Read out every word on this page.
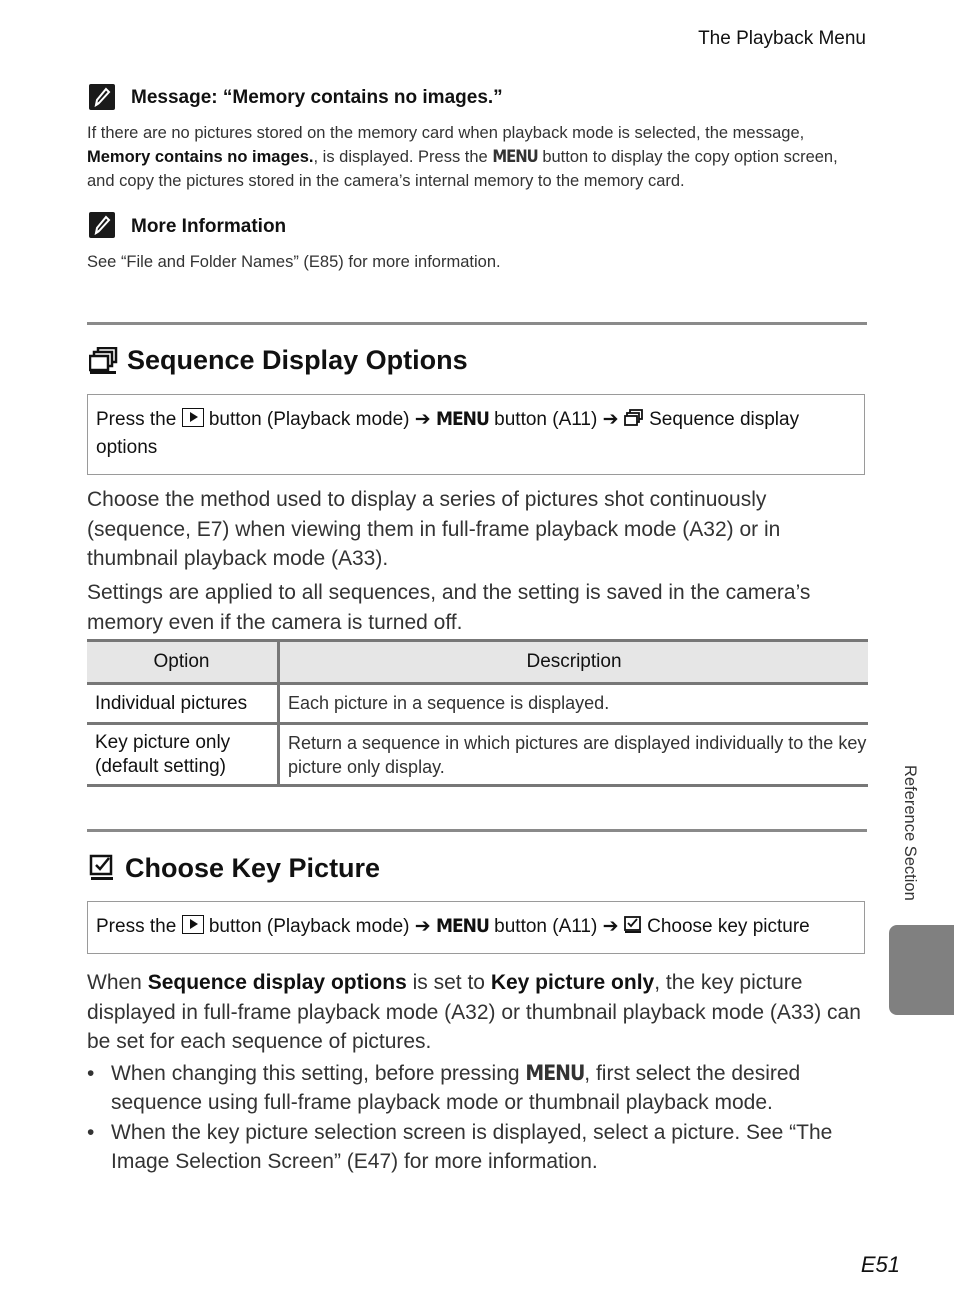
The Playback Menu
Message: “Memory contains no images.”
If there are no pictures stored on the memory card when playback mode is selected, the message, Memory contains no images., is displayed. Press the MENU button to display the copy option screen, and copy the pictures stored in the camera’s internal memory to the memory card.
More Information
See “File and Folder Names” (E85) for more information.
Sequence Display Options
Press the button (Playback mode) ➔ MENU button (A11) ➔ Sequence display options
Choose the method used to display a series of pictures shot continuously (sequence, E7) when viewing them in full-frame playback mode (A32) or in thumbnail playback mode (A33).
Settings are applied to all sequences, and the setting is saved in the camera’s memory even if the camera is turned off.
Option	Description
Individual pictures	Each picture in a sequence is displayed.
Key picture only (default setting)	Return a sequence in which pictures are displayed individually to the key picture only display.
Choose Key Picture
Press the button (Playback mode) ➔ MENU button (A11) ➔ Choose key picture
When Sequence display options is set to Key picture only, the key picture displayed in full-frame playback mode (A32) or thumbnail playback mode (A33) can be set for each sequence of pictures.
• When changing this setting, before pressing MENU, first select the desired sequence using full-frame playback mode or thumbnail playback mode.
• When the key picture selection screen is displayed, select a picture. See “The Image Selection Screen” (E47) for more information.
Reference Section
E51
